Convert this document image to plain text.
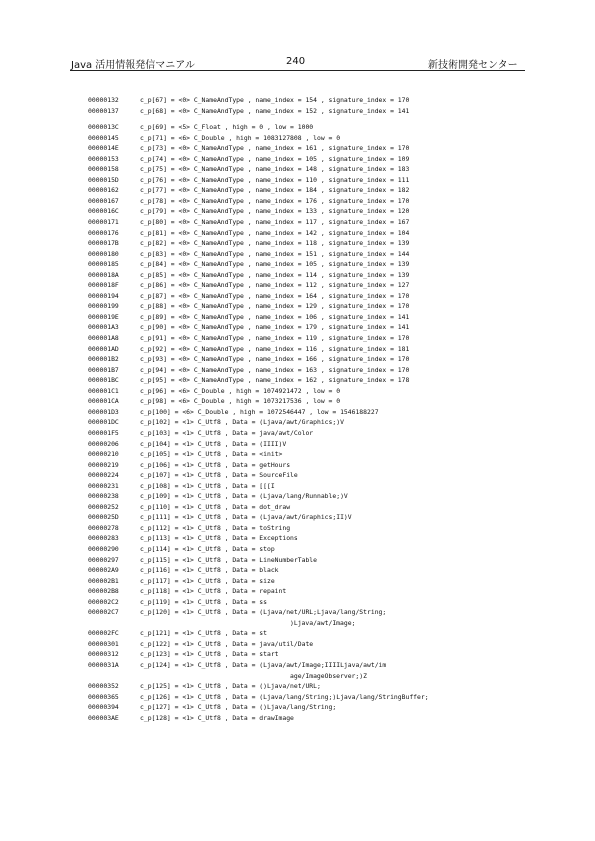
Java 活用情報発信マニアル	240	新技術開発センター
00000132	c_p[67] = <0> C_NameAndType , name_index = 154 , signature_index = 170
00000137	c_p[68] = <0> C_NameAndType , name_index = 152 , signature_index = 141
0000013C	c_p[69] = <5> C_Float , high = 0 , low = 1000
00000145	c_p[71] = <6> C_Double , high = 1083127808 , low = 0
0000014E	c_p[73] = <0> C_NameAndType , name_index = 161 , signature_index = 170
00000153	c_p[74] = <0> C_NameAndType , name_index = 105 , signature_index = 109
00000158	c_p[75] = <0> C_NameAndType , name_index = 148 , signature_index = 183
0000015D	c_p[76] = <0> C_NameAndType , name_index = 110 , signature_index = 111
00000162	c_p[77] = <0> C_NameAndType , name_index = 184 , signature_index = 182
00000167	c_p[78] = <0> C_NameAndType , name_index = 176 , signature_index = 170
0000016C	c_p[79] = <0> C_NameAndType , name_index = 133 , signature_index = 120
00000171	c_p[80] = <0> C_NameAndType , name_index = 117 , signature_index = 167
00000176	c_p[81] = <0> C_NameAndType , name_index = 142 , signature_index = 104
0000017B	c_p[82] = <0> C_NameAndType , name_index = 118 , signature_index = 139
00000180	c_p[83] = <0> C_NameAndType , name_index = 151 , signature_index = 144
00000185	c_p[84] = <0> C_NameAndType , name_index = 105 , signature_index = 139
0000018A	c_p[85] = <0> C_NameAndType , name_index = 114 , signature_index = 139
0000018F	c_p[86] = <0> C_NameAndType , name_index = 112 , signature_index = 127
00000194	c_p[87] = <0> C_NameAndType , name_index = 164 , signature_index = 170
00000199	c_p[88] = <0> C_NameAndType , name_index = 129 , signature_index = 170
0000019E	c_p[89] = <0> C_NameAndType , name_index = 106 , signature_index = 141
000001A3	c_p[90] = <0> C_NameAndType , name_index = 179 , signature_index = 141
000001A8	c_p[91] = <0> C_NameAndType , name_index = 119 , signature_index = 170
000001AD	c_p[92] = <0> C_NameAndType , name_index = 116 , signature_index = 181
000001B2	c_p[93] = <0> C_NameAndType , name_index = 166 , signature_index = 170
000001B7	c_p[94] = <0> C_NameAndType , name_index = 163 , signature_index = 170
000001BC	c_p[95] = <0> C_NameAndType , name_index = 162 , signature_index = 178
000001C1	c_p[96] = <6> C_Double , high = 1074921472 , low = 0
000001CA	c_p[98] = <6> C_Double , high = 1073217536 , low = 0
000001D3	c_p[100] = <6> C_Double , high = 1072546447 , low = 1546188227
000001DC	c_p[102] = <1> C_Utf8 , Data = (Ljava/awt/Graphics;)V
000001F5	c_p[103] = <1> C_Utf8 , Data = java/awt/Color
00000206	c_p[104] = <1> C_Utf8 , Data = (IIII)V
00000210	c_p[105] = <1> C_Utf8 , Data = <init>
00000219	c_p[106] = <1> C_Utf8 , Data = getHours
00000224	c_p[107] = <1> C_Utf8 , Data = SourceFile
00000231	c_p[108] = <1> C_Utf8 , Data = [[[I
00000238	c_p[109] = <1> C_Utf8 , Data = (Ljava/lang/Runnable;)V
00000252	c_p[110] = <1> C_Utf8 , Data = dot_draw
0000025D	c_p[111] = <1> C_Utf8 , Data = (Ljava/awt/Graphics;II)V
00000278	c_p[112] = <1> C_Utf8 , Data = toString
00000283	c_p[113] = <1> C_Utf8 , Data = Exceptions
00000290	c_p[114] = <1> C_Utf8 , Data = stop
00000297	c_p[115] = <1> C_Utf8 , Data = LineNumberTable
000002A9	c_p[116] = <1> C_Utf8 , Data = black
000002B1	c_p[117] = <1> C_Utf8 , Data = size
000002B8	c_p[118] = <1> C_Utf8 , Data = repaint
000002C2	c_p[119] = <1> C_Utf8 , Data = ss
000002C7	c_p[120] = <1> C_Utf8 , Data = (Ljava/net/URL;Ljava/lang/String;
)Ljava/awt/Image;
000002FC	c_p[121] = <1> C_Utf8 , Data = st
00000301	c_p[122] = <1> C_Utf8 , Data = java/util/Date
00000312	c_p[123] = <1> C_Utf8 , Data = start
0000031A	c_p[124] = <1> C_Utf8 , Data = (Ljava/awt/Image;IIIILjava/awt/im
age/ImageObserver;)Z
00000352	c_p[125] = <1> C_Utf8 , Data = ()Ljava/net/URL;
00000365	c_p[126] = <1> C_Utf8 , Data = (Ljava/lang/String;)Ljava/lang/StringBuffer;
00000394	c_p[127] = <1> C_Utf8 , Data = ()Ljava/lang/String;
000003AE	c_p[128] = <1> C_Utf8 , Data = drawImage
